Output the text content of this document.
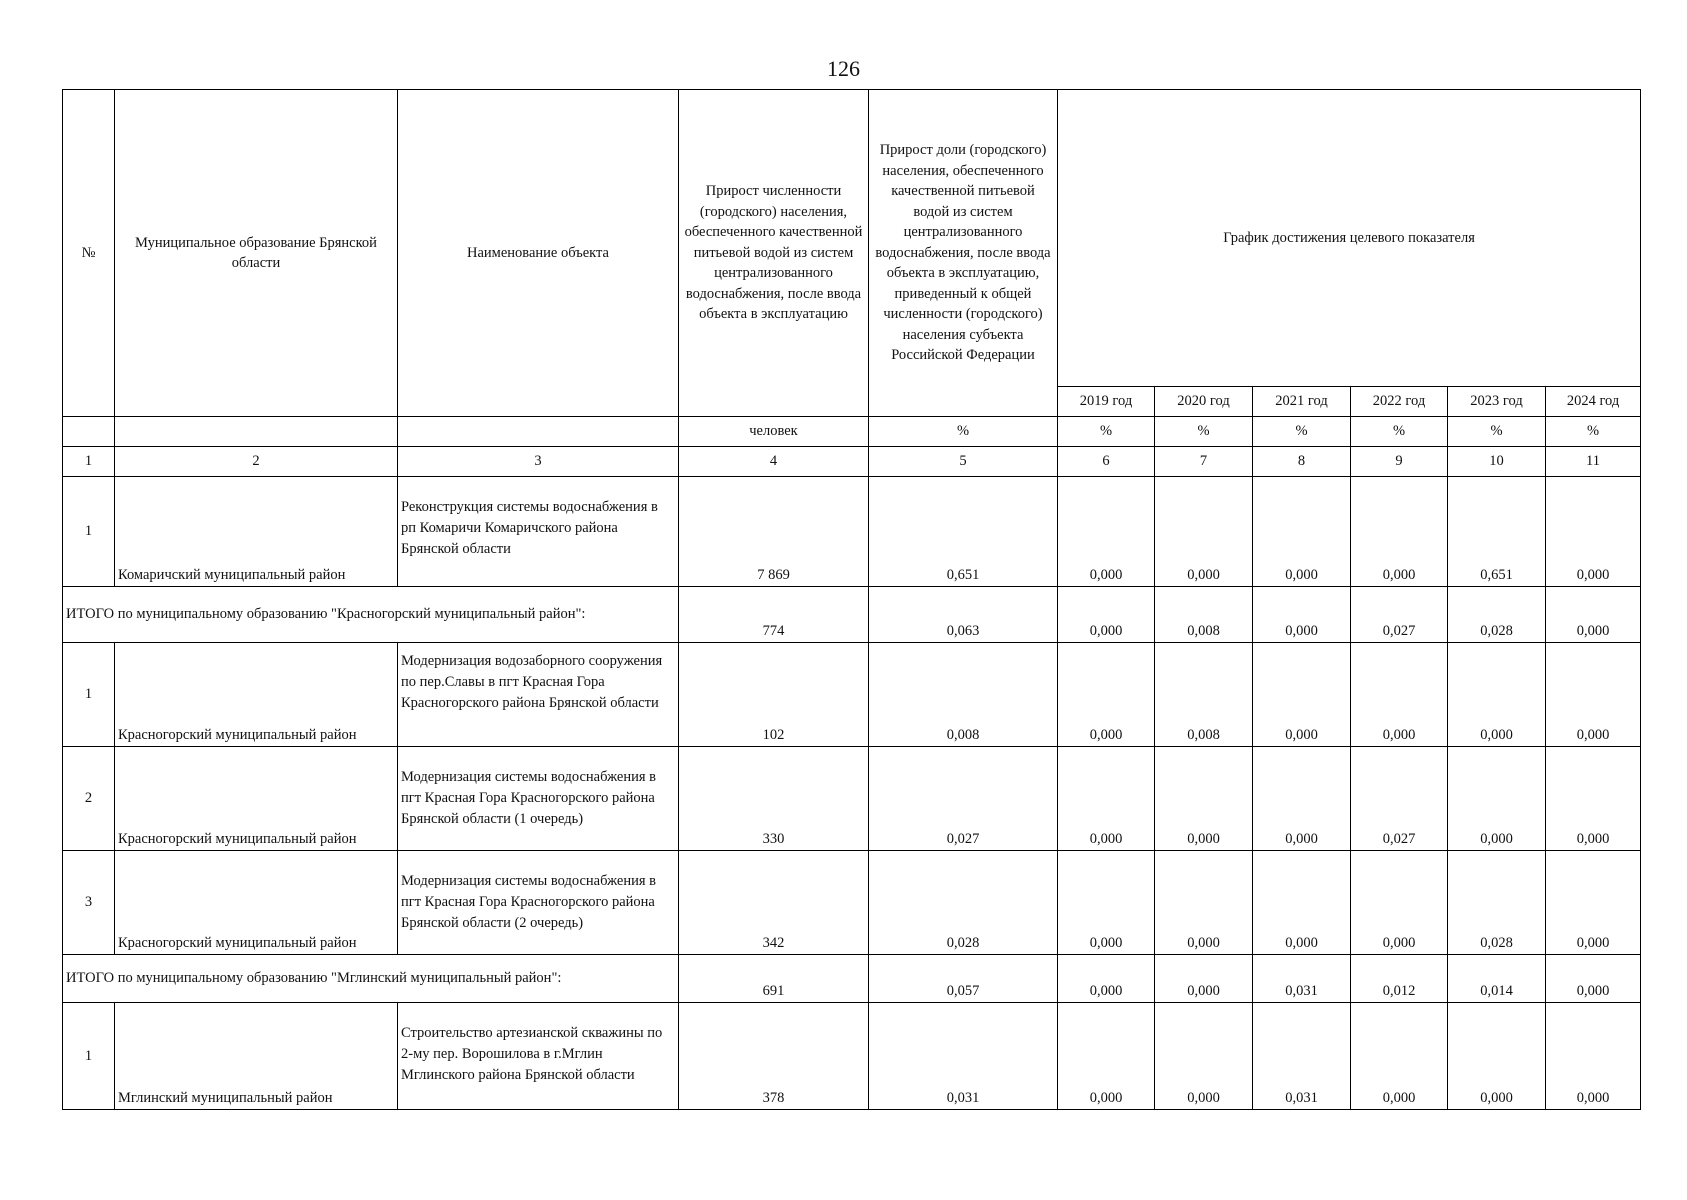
126
№	Муниципальное образование Брянской области	Наименование объекта	Прирост численности (городского) населения, обеспеченного качественной питьевой водой из систем централизованного водоснабжения, после ввода объекта в эксплуатацию	Прирост доли (городского) населения, обеспеченного качественной питьевой водой из систем централизованного водоснабжения, после ввода объекта в эксплуатацию, приведенный к общей численности (городского) населения субъекта Российской Федерации	График достижения целевого показателя					
					2019 год	2020 год	2021 год	2022 год	2023 год	2024 год
			человек	%	%	%	%	%	%	%
1	2	3	4	5	6	7	8	9	10	11
1	Комаричский муниципальный район	Реконструкция системы водоснабжения в рп Комаричи Комаричского района Брянской области	7 869	0,651	0,000	0,000	0,000	0,000	0,651	0,000
ИТОГО по муниципальному образованию "Красногорский муниципальный район":			774	0,063	0,000	0,008	0,000	0,027	0,028	0,000
1	Красногорский муниципальный район	Модернизация водозаборного сооружения по пер.Славы в пгт Красная Гора Красногорского района Брянской области	102	0,008	0,000	0,008	0,000	0,000	0,000	0,000
2	Красногорский муниципальный район	Модернизация системы водоснабжения в пгт Красная Гора Красногорского района Брянской области (1 очередь)	330	0,027	0,000	0,000	0,000	0,027	0,000	0,000
3	Красногорский муниципальный район	Модернизация системы водоснабжения в пгт Красная Гора Красногорского района Брянской области (2 очередь)	342	0,028	0,000	0,000	0,000	0,000	0,028	0,000
ИТОГО по муниципальному образованию "Мглинский муниципальный район":			691	0,057	0,000	0,000	0,031	0,012	0,014	0,000
1	Мглинский муниципальный район	Строительство артезианской скважины по 2-му пер. Ворошилова в г.Мглин Мглинского района Брянской области	378	0,031	0,000	0,000	0,031	0,000	0,000	0,000
